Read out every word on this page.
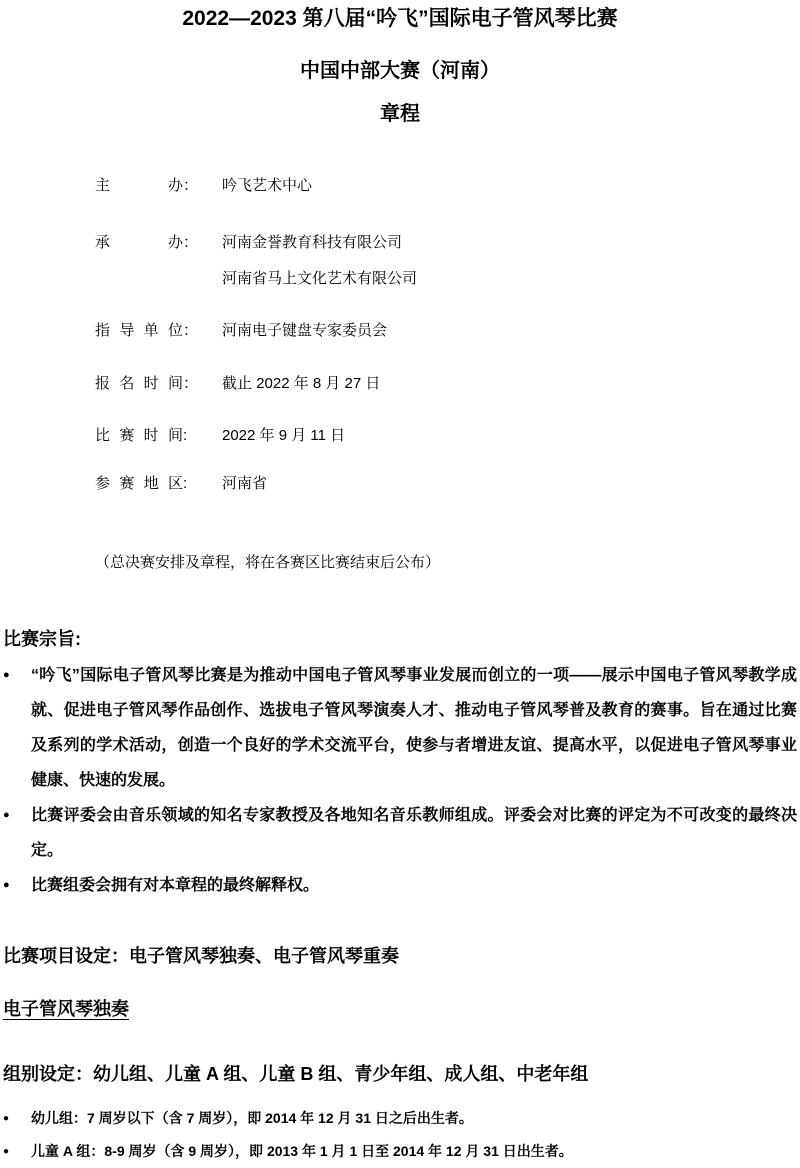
2022—2023 第八届“吟飞”国际电子管风琴比赛
中国中部大赛（河南）
章程
主办 ： 吟飞艺术中心
承办 ： 河南金誉教育科技有限公司
河南省马上文化艺术有限公司
指导单位 ： 河南电子键盘专家委员会
报名时间 ： 截止 2022 年 8 月 27 日
比赛时间 : 2022 年 9 月 11 日
参赛地区 : 河南省
（总决赛安排及章程，将在各赛区比赛结束后公布）
比赛宗旨:
●	“吟飞”国际电子管风琴比赛是为推动中国电子管风琴事业发展而创立的一项——展示中国电子管风琴教学成就、促进电子管风琴作品创作、选拔电子管风琴演奏人才、推动电子管风琴普及教育的赛事。旨在通过比赛及系列的学术活动，创造一个良好的学术交流平台，使参与者增进友谊、提高水平，以促进电子管风琴事业健康、快速的发展。
●	比赛评委会由音乐领域的知名专家教授及各地知名音乐教师组成。评委会对比赛的评定为不可改变的最终决定。
●	比赛组委会拥有对本章程的最终解释权。
比赛项目设定：电子管风琴独奏、电子管风琴重奏
电子管风琴独奏
组别设定：幼儿组、儿童 A 组、儿童 B 组、青少年组、成人组、中老年组
●	幼儿组：7 周岁以下（含 7 周岁），即 2014 年 12 月 31 日之后出生者。
●	儿童 A 组：8-9 周岁（含 9 周岁），即 2013 年 1 月 1 日至 2014 年 12 月 31 日出生者。
